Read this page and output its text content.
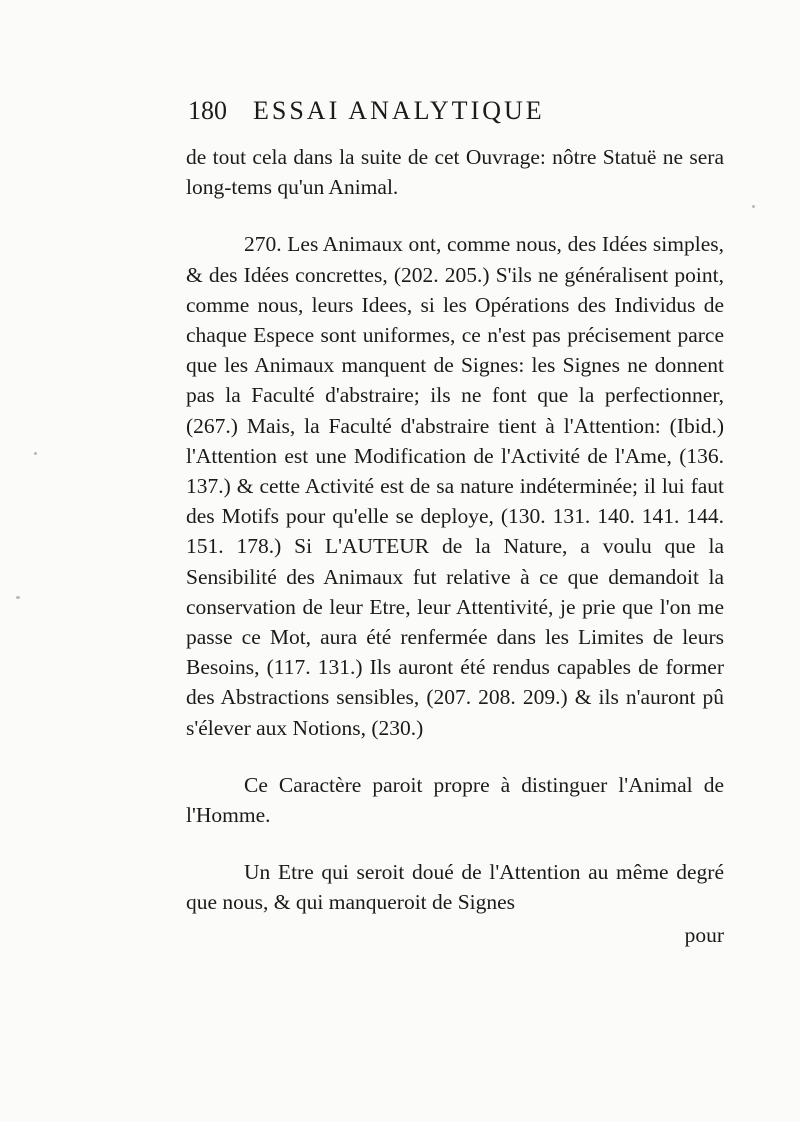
180 ESSAI ANALYTIQUE

de tout cela dans la suite de cet Ouvrage: nôtre Statuë ne sera long-tems qu'un Animal.

270. Les Animaux ont, comme nous, des Idées simples, & des Idées concrettes, (202. 205.) S'ils ne généralisent point, comme nous, leurs Idees, si les Opérations des Individus de chaque Espece sont uniformes, ce n'est pas précisement parce que les Animaux manquent de Signes: les Signes ne donnent pas la Faculté d'abstraire; ils ne font que la perfectionner, (267.) Mais, la Faculté d'abstraire tient à l'Attention: (Ibid.) l'Attention est une Modification de l'Activité de l'Ame, (136. 137.) & cette Activité est de sa nature indéterminée; il lui faut des Motifs pour qu'elle se deploye, (130. 131. 140. 141. 144. 151. 178.) Si L'AUTEUR de la Nature, a voulu que la Sensibilité des Animaux fut relative à ce que demandoit la conservation de leur Etre, leur Attentivité, je prie que l'on me passe ce Mot, aura été renfermée dans les Limites de leurs Besoins, (117. 131.) Ils auront été rendus capables de former des Abstractions sensibles, (207. 208. 209.) & ils n'auront pû s'élever aux Notions, (230.)

Ce Caractère paroit propre à distinguer l'Animal de l'Homme.

Un Etre qui seroit doué de l'Attention au même degré que nous, & qui manqueroit de Signes

pour
